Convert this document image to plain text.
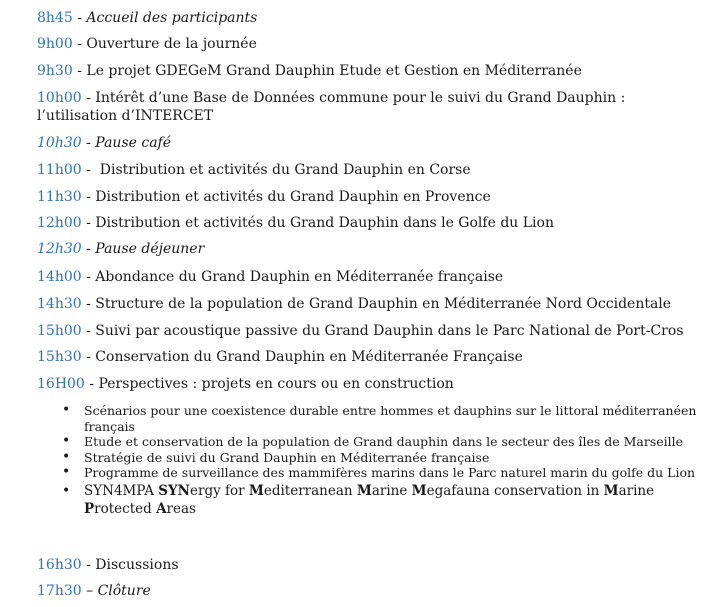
8h45 - Accueil des participants
9h00 - Ouverture de la journée
9h30 - Le projet GDEGeM Grand Dauphin Etude et Gestion en Méditerranée
10h00 - Intérêt d’une Base de Données commune pour le suivi du Grand Dauphin : l’utilisation d’INTERCET
10h30 - Pause café
11h00 -  Distribution et activités du Grand Dauphin en Corse
11h30 - Distribution et activités du Grand Dauphin en Provence
12h00 - Distribution et activités du Grand Dauphin dans le Golfe du Lion
12h30 - Pause déjeuner
14h00 - Abondance du Grand Dauphin en Méditerranée française
14h30 - Structure de la population de Grand Dauphin en Méditerranée Nord Occidentale
15h00 - Suivi par acoustique passive du Grand Dauphin dans le Parc National de Port-Cros
15h30 - Conservation du Grand Dauphin en Méditerranée Française
16H00 - Perspectives : projets en cours ou en construction
• Scénarios pour une coexistence durable entre hommes et dauphins sur le littoral méditerranéen français
• Etude et conservation de la population de Grand dauphin dans le secteur des îles de Marseille
• Stratégie de suivi du Grand Dauphin en Méditerranée française
• Programme de surveillance des mammifères marins dans le Parc naturel marin du golfe du Lion
• SYN4MPA SYNergy for Mediterranean Marine Megafauna conservation in Marine Protected Areas
16h30 - Discussions
17h30 – Clôture
